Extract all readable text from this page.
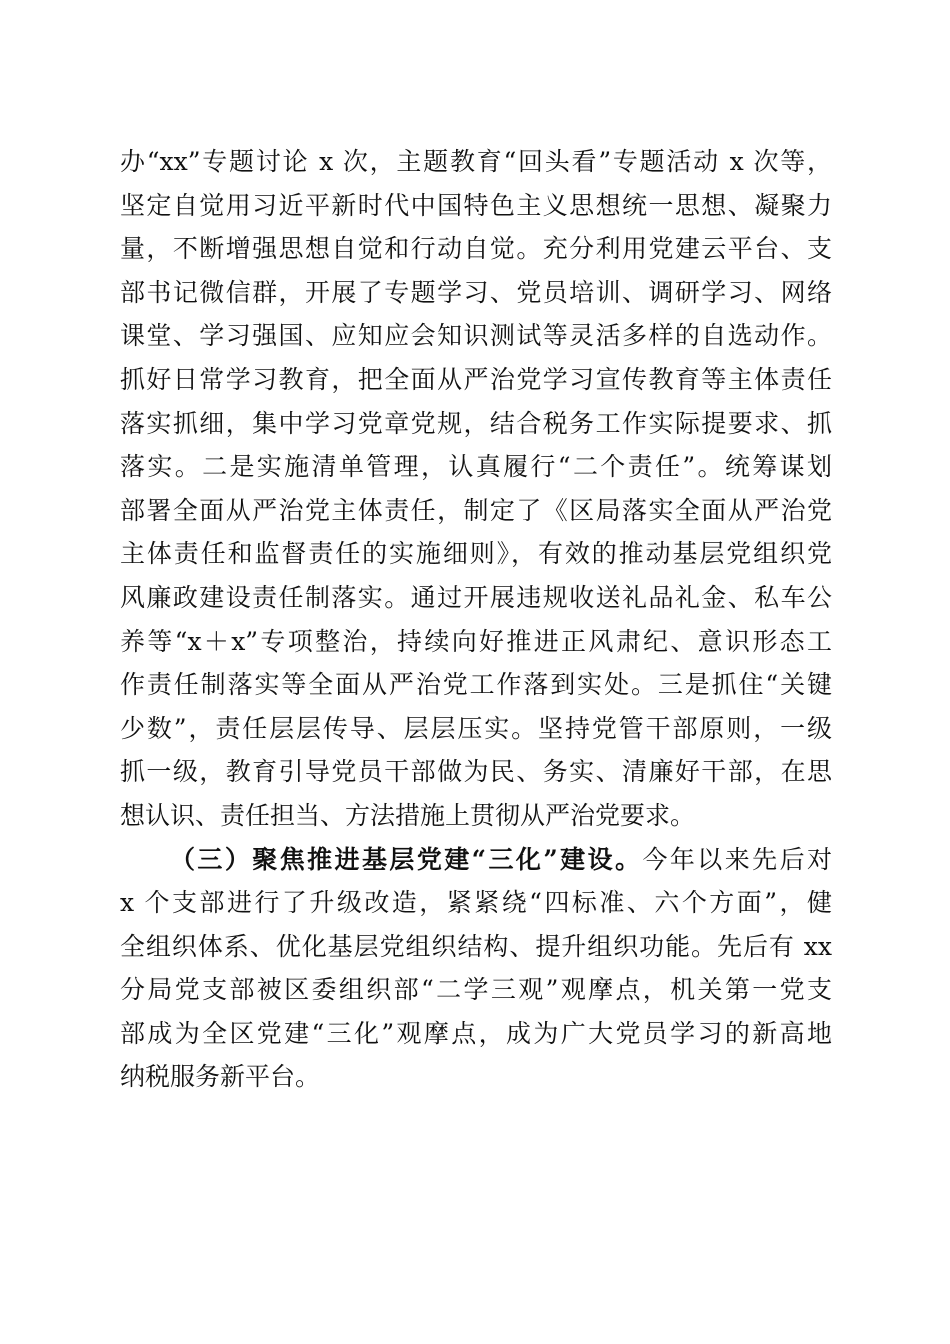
办“xx”专题讨论 x 次，主题教育“回头看”专题活动 x 次等，
坚定自觉用习近平新时代中国特色主义思想统一思想、凝聚力
量，不断增强思想自觉和行动自觉。充分利用党建云平台、支
部书记微信群，开展了专题学习、党员培训、调研学习、网络
课堂、学习强国、应知应会知识测试等灵活多样的自选动作。
抓好日常学习教育，把全面从严治党学习宣传教育等主体责任
落实抓细，集中学习党章党规，结合税务工作实际提要求、抓
落实。二是实施清单管理，认真履行“二个责任”。统筹谋划
部署全面从严治党主体责任，制定了《区局落实全面从严治党
主体责任和监督责任的实施细则》，有效的推动基层党组织党
风廉政建设责任制落实。通过开展违规收送礼品礼金、私车公
养等“x＋x”专项整治，持续向好推进正风肃纪、意识形态工
作责任制落实等全面从严治党工作落到实处。三是抓住“关键
少数”，责任层层传导、层层压实。坚持党管干部原则，一级
抓一级，教育引导党员干部做为民、务实、清廉好干部，在思
想认识、责任担当、方法措施上贯彻从严治党要求。
（三）聚焦推进基层党建“三化”建设。今年以来先后对
x 个支部进行了升级改造，紧紧绕“四标准、六个方面”，健
全组织体系、优化基层党组织结构、提升组织功能。先后有 xx
分局党支部被区委组织部“二学三观”观摩点，机关第一党支
部成为全区党建“三化”观摩点，成为广大党员学习的新高地
纳税服务新平台。
